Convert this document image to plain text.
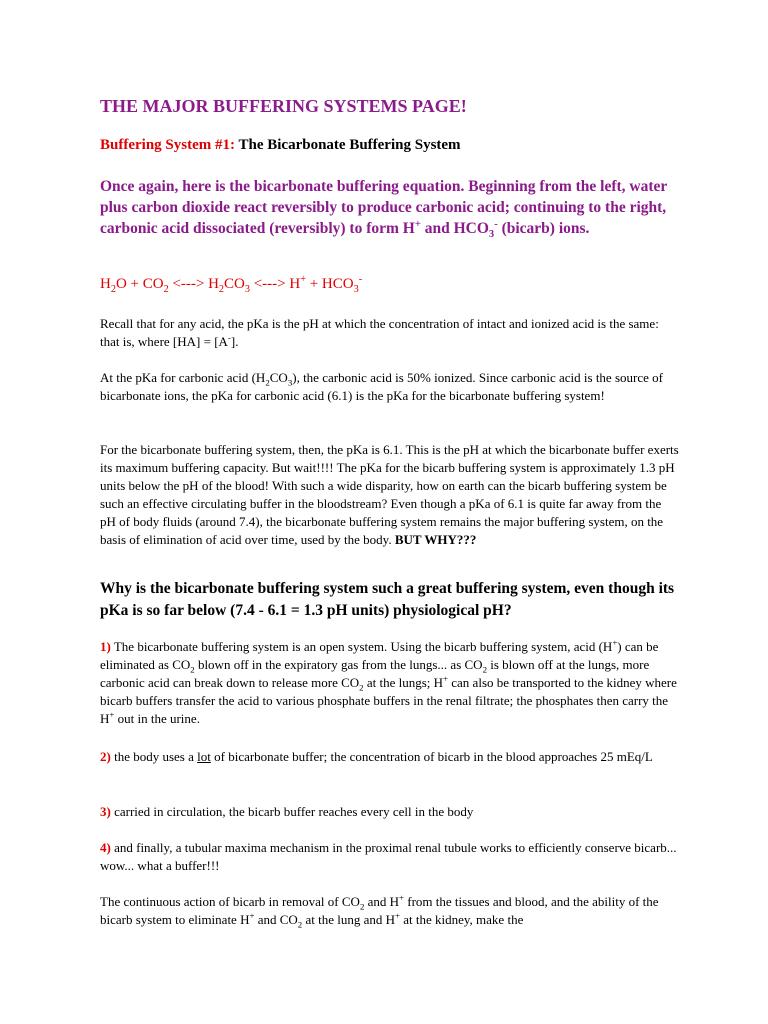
THE MAJOR BUFFERING SYSTEMS PAGE!

Buffering System #1: The Bicarbonate Buffering System

Once again, here is the bicarbonate buffering equation. Beginning from the left, water plus carbon dioxide react reversibly to produce carbonic acid; continuing to the right, carbonic acid dissociated (reversibly) to form H+ and $HCO_3^-$ (bicarb) ions.

$H_2O + CO_2$ <---> $H_2CO_3$ <---> $H^+ + HCO_3^-$

Recall that for any acid, the pKa is the pH at which the concentration of intact and ionized acid is the same: that is, where [HA] = [A-].

At the pKa for carbonic acid $(H_2CO_3)$, the carbonic acid is 50% ionized. Since carbonic acid is the source of bicarbonate ions, the pKa for carbonic acid (6.1) is the pKa for the bicarbonate buffering system!

For the bicarbonate buffering system, then, the pKa is 6.1. This is the pH at which the bicarbonate buffer exerts its maximum buffering capacity. But wait!!!! The pKa for the bicarb buffering system is approximately 1.3 pH units below the pH of the blood! With such a wide disparity, how on earth can the bicarb buffering system be such an effective circulating buffer in the bloodstream? Even though a pKa of 6.1 is quite far away from the pH of body fluids (around 7.4), the bicarbonate buffering system remains the major buffering system, on the basis of elimination of acid over time, used by the body. BUT WHY???

Why is the bicarbonate buffering system such a great buffering system, even though its pKa is so far below (7.4 - 6.1 = 1.3 pH units) physiological pH?

1) The bicarbonate buffering system is an open system. Using the bicarb buffering system, acid (H+) can be eliminated as $CO_2$ blown off in the expiratory gas from the lungs... as $CO_2$ is blown off at the lungs, more carbonic acid can break down to release more $CO_2$ at the lungs; H+ can also be transported to the kidney where bicarb buffers transfer the acid to various phosphate buffers in the renal filtrate; the phosphates then carry the H+ out in the urine.

2) the body uses a lot of bicarbonate buffer; the concentration of bicarb in the blood approaches 25 mEq/L

3) carried in circulation, the bicarb buffer reaches every cell in the body

4) and finally, a tubular maxima mechanism in the proximal renal tubule works to efficiently conserve bicarb... wow... what a buffer!!!

The continuous action of bicarb in removal of $CO_2$ and H+ from the tissues and blood, and the ability of the bicarb system to eliminate H+ and $CO_2$ at the lung and H+ at the kidney, make the
